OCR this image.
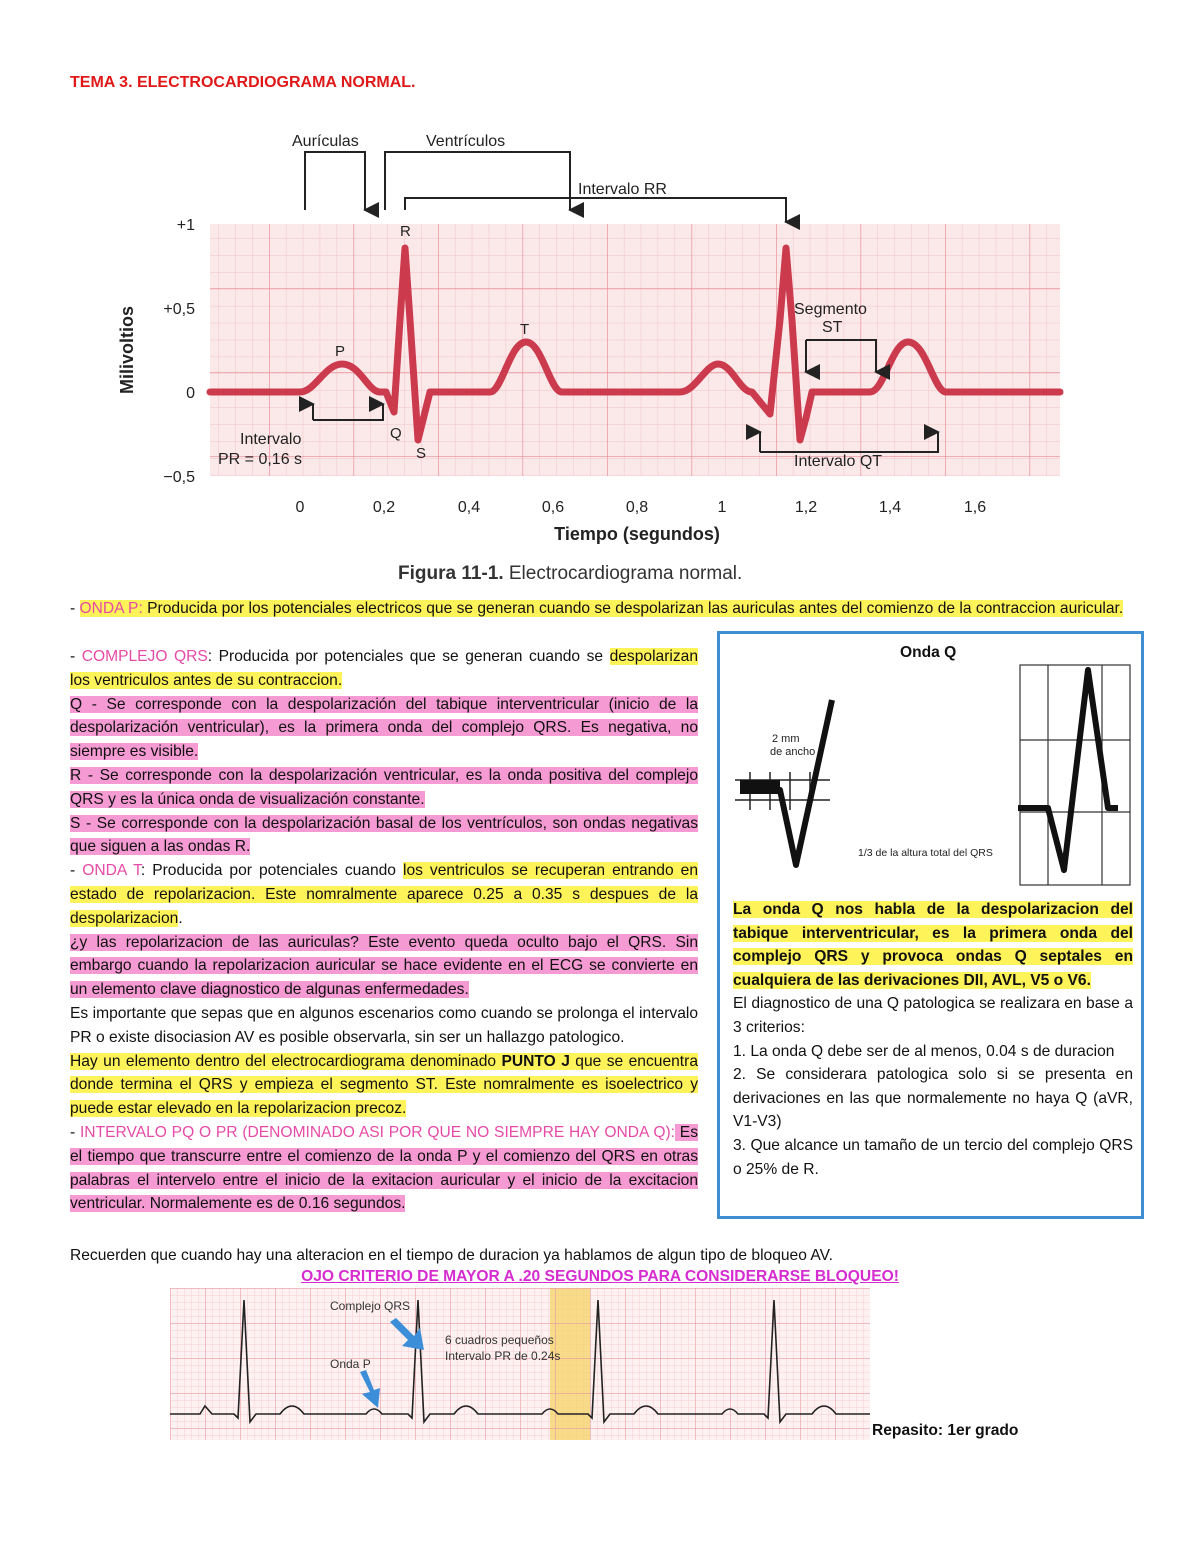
TEMA 3. ELECTROCARDIOGRAMA NORMAL.
+1
+0,5
0
−0,5
Milivoltios
0	0,2	0,4	0,6	0,8	1	1,2	1,4	1,6
Tiempo (segundos)
P
R
Q
S
T
Aurículas	Ventrículos
Intervalo RR
Segmento
ST
Intervalo
PR = 0,16 s	Intervalo QT
Figura 11-1. Electrocardiograma normal.

- ONDA P: Producida por los potenciales electricos que se generan cuando se despolarizan las auriculas antes del comienzo de la contraccion auricular.

- COMPLEJO QRS: Producida por potenciales que se generan cuando se despolarizan los ventriculos antes de su contraccion.

Q - Se corresponde con la despolarización del tabique interventricular (inicio de la despolarización ventricular), es la primera onda del complejo QRS. Es negativa, no siempre es visible.

R - Se corresponde con la despolarización ventricular, es la onda positiva del complejo QRS y es la única onda de visualización constante.

S - Se corresponde con la despolarización basal de los ventrículos, son ondas negativas que siguen a las ondas R.

- ONDA T: Producida por potenciales cuando los ventriculos se recuperan entrando en estado de repolarizacion. Este nomralmente aparece 0.25 a 0.35 s despues de la despolarizacion.

¿y las repolarizacion de las auriculas? Este evento queda oculto bajo el QRS. Sin embargo cuando la repolarizacion auricular se hace evidente en el ECG se convierte en un elemento clave diagnostico de algunas enfermedades.

Es importante que sepas que en algunos escenarios como cuando se prolonga el intervalo PR o existe disociasion AV es posible observarla, sin ser un hallazgo patologico.

Hay un elemento dentro del electrocardiograma denominado PUNTO J que se encuentra donde termina el QRS y empieza el segmento ST. Este nomralmente es isoelectrico y puede estar elevado en la repolarizacion precoz.

- INTERVALO PQ O PR (DENOMINADO ASI POR QUE NO SIEMPRE HAY ONDA Q): Es el tiempo que transcurre entre el comienzo de la onda P y el comienzo del QRS en otras palabras el intervelo entre el inicio de la exitacion auricular y el inicio de la excitacion ventricular. Normalemente es de 0.16 segundos.

Recuerden que cuando hay una alteracion en el tiempo de duracion ya hablamos de algun tipo de bloqueo AV.
OJO CRITERIO DE MAYOR A .20 SEGUNDOS PARA CONSIDERARSE BLOQUEO!
Onda Q
2 mm
de ancho
1/3 de la altura total del QRS

La onda Q nos habla de la despolarizacion del tabique interventricular, es la primera onda del complejo QRS y provoca ondas Q septales en cualquiera de las derivaciones DII, AVL, V5 o V6.

El diagnostico de una Q patologica se realizara en base a 3 criterios:

1. La onda Q debe ser de al menos, 0.04 s de duracion

2. Se considerara patologica solo si se presenta en derivaciones en las que normalemente no haya Q (aVR, V1-V3)

3. Que alcance un tamaño de un tercio del complejo QRS o 25% de R.

Complejo QRS
Onda P
6 cuadros pequeños
Intervalo PR de 0.24s
Repasito: 1er grado
